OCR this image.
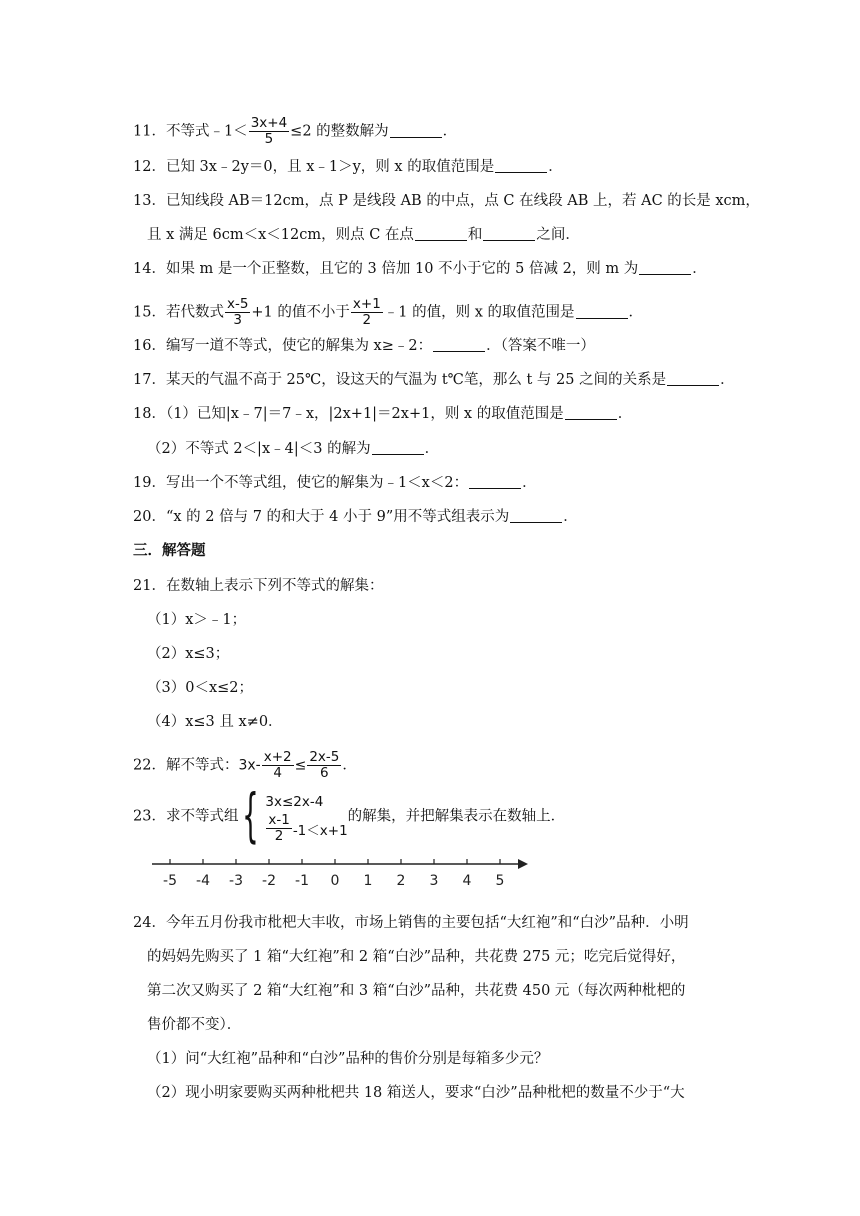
11．不等式﹣1＜ $\frac{3x+4}{5} \le 2$ 的整数解为	．
12．已知 3x﹣2y＝0，且 x﹣1＞y，则 x 的取值范围是	．
13．已知线段 AB＝12cm，点 P 是线段 AB 的中点，点 C 在线段 AB 上，若 AC 的长是 xcm，
且 x 满足 6cm＜x＜12cm，则点 C 在点	和	之间．
14．如果 m 是一个正整数，且它的 3 倍加 10 不小于它的 5 倍减 2，则 m 为	．
15．若代数式 $\frac{x-5}{3} +1$ 的值不小于 $\frac{x+1}{2}$ ﹣1 的值，则 x 的取值范围是	．
16．编写一道不等式，使它的解集为 x≥﹣2：	．（答案不唯一）
17．某天的气温不高于 25℃，设这天的气温为 t℃笔，那么 t 与 25 之间的关系是	．
18．（1）已知|x﹣7|＝7﹣x，|2x+1|＝2x+1，则 x 的取值范围是	．
（2）不等式 2＜|x﹣4|＜3 的解为	．
19．写出一个不等式组，使它的解集为﹣1＜x＜2：	．
20．“x 的 2 倍与 7 的和大于 4 小于 9”用不等式组表示为	．
三．解答题
21．在数轴上表示下列不等式的解集：
（1）x＞﹣1；
（2）x≤3；
（3）0＜x≤2；
（4）x≤3 且 x≠0．
22．解不等式：$3x- \frac{x+2}{4} \le \frac{2x-5}{6}$ ．
23．求不等式组{ 3x≤2x-4
$\frac{x-1}{2} -1<x+1$
的解集，并把解集表示在数轴上．
-5 -4 -3 -2 -1 0 1 2 3 4 5
24．今年五月份我市枇杷大丰收，市场上销售的主要包括“大红袍”和“白沙”品种．小明
的妈妈先购买了 1 箱“大红袍”和 2 箱“白沙”品种，共花费 275 元；吃完后觉得好，
第二次又购买了 2 箱“大红袍”和 3 箱“白沙”品种，共花费 450 元（每次两种枇杷的
售价都不变）．
（1）问“大红袍”品种和“白沙”品种的售价分别是每箱多少元？
（2）现小明家要购买两种枇杷共 18 箱送人，要求“白沙”品种枇杷的数量不少于“大
